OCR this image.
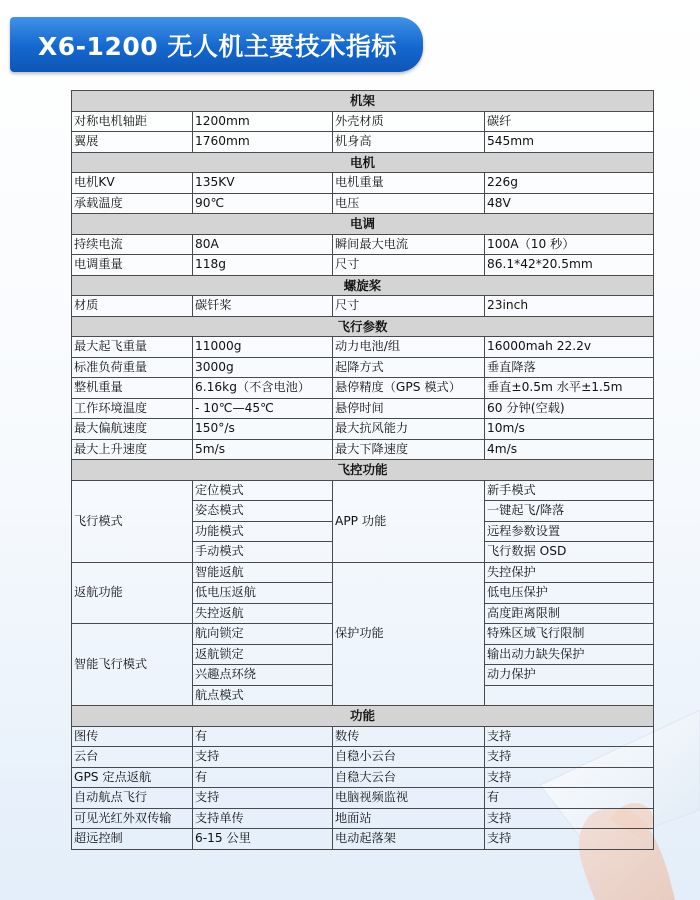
X6-1200 无人机主要技术指标
机架			
对称电机轴距	1200mm	外壳材质	碳纤
翼展	1760mm	机身高	545mm
电机			
电机KV	135KV	电机重量	226g
承载温度	90℃	电压	48V
电调			
持续电流	80A	瞬间最大电流	100A（10 秒）
电调重量	118g	尺寸	86.1*42*20.5mm
螺旋桨			
材质	碳钎桨	尺寸	23inch
飞行参数			
最大起飞重量	11000g	动力电池/组	16000mah 22.2v
标准负荷重量	3000g	起降方式	垂直降落
整机重量	6.16kg（不含电池）	悬停精度（GPS 模式）	垂直±0.5m 水平±1.5m
工作环境温度	- 10℃—45℃	悬停时间	60 分钟(空载)
最大偏航速度	150°/s	最大抗风能力	10m/s
最大上升速度	5m/s	最大下降速度	4m/s
飞控功能			
飞行模式	定位模式	APP 功能	新手模式
	姿态模式		一键起飞/降落
	功能模式		远程参数设置
	手动模式		飞行数据 OSD
返航功能	智能返航	保护功能	失控保护
	低电压返航		低电压保护
	失控返航		高度距离限制
智能飞行模式	航向锁定		特殊区域飞行限制
	返航锁定		输出动力缺失保护
	兴趣点环绕		动力保护
	航点模式		
功能			
图传	有	数传	支持
云台	支持	自稳小云台	支持
GPS 定点返航	有	自稳大云台	支持
自动航点飞行	支持	电脑视频监视	有
可见光红外双传输	支持单传	地面站	支持
超远控制	6-15 公里	电动起落架	支持
